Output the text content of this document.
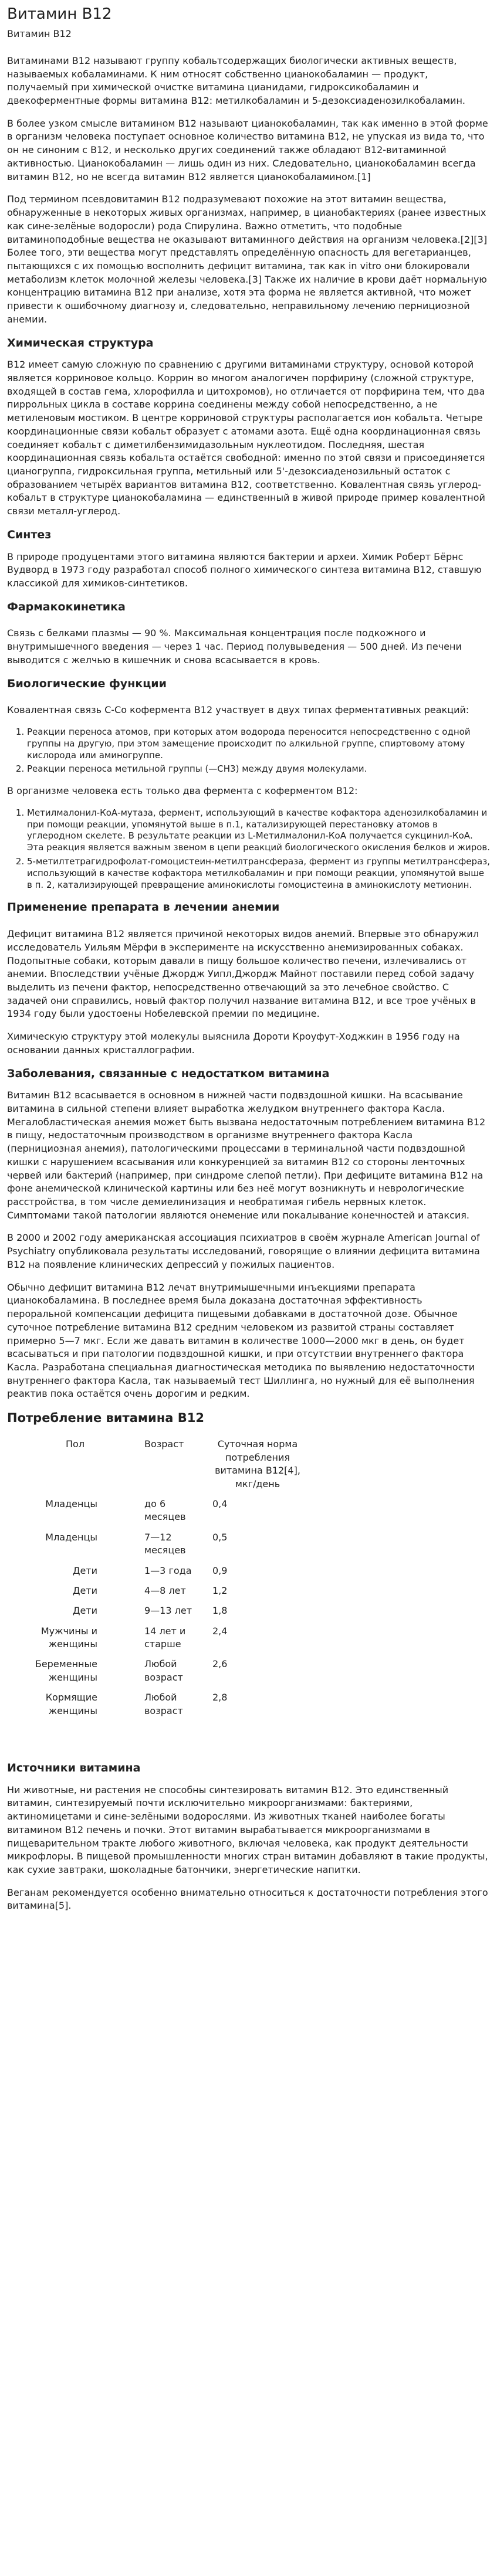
Витамин В12
Витамин В12

Витаминами B12 называют группу кобальтсодержащих биологически активных веществ, называемых кобаламинами. К ним относят собственно цианокобаламин — продукт, получаемый при химической очистке витамина цианидами, гидроксикобаламин и двекоферментные формы витамина B12: метилкобаламин и 5-дезоксиаденозилкобаламин.

В более узком смысле витамином B12 называют цианокобаламин, так как именно в этой форме в организм человека поступает основное количество витамина B12, не упуская из вида то, что он не синоним с B12, и несколько других соединений также обладают B12-витаминной активностью. Цианокобаламин — лишь один из них. Следовательно, цианокобаламин всегда витамин B12, но не всегда витамин B12 является цианокобаламином.[1]

Под термином псевдовитамин B12 подразумевают похожие на этот витамин вещества, обнаруженные в некоторых живых организмах, например, в цианобактериях (ранее известных как сине-зелёные водоросли) рода Спирулина. Важно отметить, что подобные витаминоподобные вещества не оказывают витаминного действия на организм человека.[2][3] Более того, эти вещества могут представлять определённую опасность для вегетарианцев, пытающихся с их помощью восполнить дефицит витамина, так как in vitro они блокировали метаболизм клеток молочной железы человека.[3] Также их наличие в крови даёт нормальную концентрацию витамина B12 при анализе, хотя эта форма не является активной, что может привести к ошибочному диагнозу и, следовательно, неправильному лечению пернициозной анемии.

Химическая структура

B12 имеет самую сложную по сравнению с другими витаминами структуру, основой которой является корриновое кольцо. Коррин во многом аналогичен порфирину (сложной структуре, входящей в состав гема, хлорофилла и цитохромов), но отличается от порфирина тем, что два пиррольных цикла в составе коррина соединены между собой непосредственно, а не метиленовым мостиком. В центре корриновой структуры располагается ион кобальта. Четыре координационные связи кобальт образует с атомами азота. Ещё одна координационная связь соединяет кобальт с диметилбензимидазольным нуклеотидом. Последняя, шестая координационная связь кобальта остаётся свободной: именно по этой связи и присоединяется цианогруппа, гидроксильная группа, метильный или 5'-дезоксиаденозильный остаток с образованием четырёх вариантов витамина B12, соответственно. Ковалентная связь углерод-кобальт в структуре цианокобаламина — единственный в живой природе пример ковалентной связи металл-углерод.

Синтез

В природе продуцентами этого витамина являются бактерии и археи. Химик Роберт Бёрнс Вудворд в 1973 году разработал способ полного химического синтеза витамина B12, ставшую классикой для химиков-синтетиков.

Фармакокинетика

Связь с белками плазмы — 90 %. Максимальная концентрация после подкожного и внутримышечного введения — через 1 час. Период полувыведения — 500 дней. Из печени выводится с желчью в кишечник и снова всасывается в кровь.

Биологические функции

Ковалентная связь C-Co кофермента B12 участвует в двух типах ферментативных реакций:

1. Реакции переноса атомов, при которых атом водорода переносится непосредственно с одной группы на другую, при этом замещение происходит по алкильной группе, спиртовому атому кислорода или аминогруппе.
2. Реакции переноса метильной группы (—CH3) между двумя молекулами.

В организме человека есть только два фермента с коферментом B12:

1. Метилмалонил-КоА-мутаза, фермент, использующий в качестве кофактора аденозилкобаламин и при помощи реакции, упомянутой выше в п.1, катализирующей перестановку атомов в углеродном скелете. В результате реакции из L-Метилмалонил-КоА получается сукцинил-КоА. Эта реакция является важным звеном в цепи реакций биологического окисления белков и жиров.
2. 5-метилтетрагидрофолат-гомоцистеин-метилтрансфераза, фермент из группы метилтрансфераз, использующий в качестве кофактора метилкобаламин и при помощи реакции, упомянутой выше в п. 2, катализирующей превращение аминокислоты гомоцистеина в аминокислоту метионин.
Применение препарата в лечении анемии

Дефицит витамина B12 является причиной некоторых видов анемий. Впервые это обнаружил исследователь Уильям Мёрфи в эксперименте на искусственно анемизированных собаках. Подопытные собаки, которым давали в пищу большое количество печени, излечивались от анемии. Впоследствии учёные Джордж Уипл,Джордж Майнот поставили перед собой задачу выделить из печени фактор, непосредственно отвечающий за это лечебное свойство. С задачей они справились, новый фактор получил название витамина B12, и все трое учёных в 1934 году были удостоены Нобелевской премии по медицине.

Химическую структуру этой молекулы выяснила Дороти Кроуфут-Ходжкин в 1956 году на основании данных кристаллографии.

Заболевания, связанные с недостатком витамина

Витамин B12 всасывается в основном в нижней части подвздошной кишки. На всасывание витамина в сильной степени влияет выработка желудком внутреннего фактора Касла. Мегалобластическая анемия может быть вызвана недостаточным потреблением витамина B12 в пищу, недостаточным производством в организме внутреннего фактора Касла (пернициозная анемия), патологическими процессами в терминальной части подвздошной кишки с нарушением всасывания или конкуренцией за витамин B12 со стороны ленточных червей или бактерий (например, при синдроме слепой петли). При дефиците витамина B12 на фоне анемической клинической картины или без неё могут возникнуть и неврологические расстройства, в том числе демиелинизация и необратимая гибель нервных клеток. Симптомами такой патологии являются онемение или покалывание конечностей и атаксия.

В 2000 и 2002 году американская ассоциация психиатров в своём журнале American Journal of Psychiatry опубликовала результаты исследований, говорящие о влиянии дефицита витамина B12 на появление клинических депрессий у пожилых пациентов.

Обычно дефицит витамина B12 лечат внутримышечными инъекциями препарата цианокобаламина. В последнее время была доказана достаточная эффективность пероральной компенсации дефицита пищевыми добавками в достаточной дозе. Обычное суточное потребление витамина B12 средним человеком из развитой страны составляет примерно 5—7 мкг. Если же давать витамин в количестве 1000—2000 мкг в день, он будет всасываться и при патологии подвздошной кишки, и при отсутствии внутреннего фактора Касла. Разработана специальная диагностическая методика по выявлению недостаточности внутреннего фактора Касла, так называемый тест Шиллинга, но нужный для её выполнения реактив пока остаётся очень дорогим и редким.

Потребление витамина B12
Пол	Возраст	Суточная норма потребления витамина B12[4], мкг/день
Младенцы	до 6 месяцев	0,4
Младенцы	7—12 месяцев	0,5
Дети	1—3 года	0,9
Дети	4—8 лет	1,2
Дети	9—13 лет	1,8
Мужчины и женщины	14 лет и старше	2,4
Беременные женщины	Любой возраст	2,6
Кормящие женщины	Любой возраст	2,8
Источники витамина

Ни животные, ни растения не способны синтезировать витамин B12. Это единственный витамин, синтезируемый почти исключительно микроорганизмами: бактериями, актиномицетами и сине-зелёными водорослями. Из животных тканей наиболее богаты витамином B12 печень и почки. Этот витамин вырабатывается микроорганизмами в пищеварительном тракте любого животного, включая человека, как продукт деятельности микрофлоры. В пищевой промышленности многих стран витамин добавляют в такие продукты, как сухие завтраки, шоколадные батончики, энергетические напитки.

Веганам рекомендуется особенно внимательно относиться к достаточности потребления этого витамина[5].
